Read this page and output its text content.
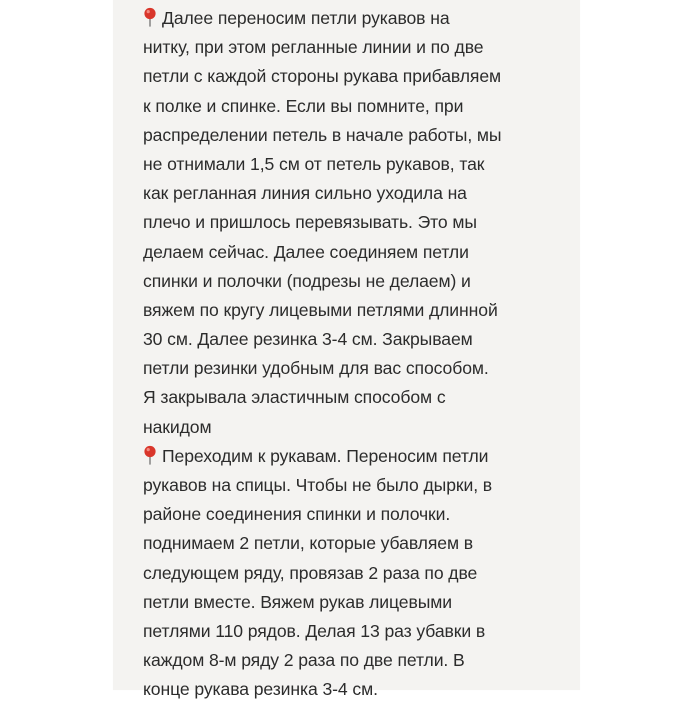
Далее переносим петли рукавов на
нитку, при этом регланные линии и по две
петли с каждой стороны рукава прибавляем
к полке и спинке. Если вы помните, при
распределении петель в начале работы, мы
не отнимали 1,5 см от петель рукавов, так
как регланная линия сильно уходила на
плечо и пришлось перевязывать. Это мы
делаем сейчас. Далее соединяем петли
спинки и полочки (подрезы не делаем) и
вяжем по кругу лицевыми петлями длинной
30 см. Далее резинка 3-4 см. Закрываем
петли резинки удобным для вас способом.
Я закрывала эластичным способом с
накидом
Переходим к рукавам. Переносим петли
рукавов на спицы. Чтобы не было дырки, в
районе соединения спинки и полочки.
поднимаем 2 петли, которые убавляем в
следующем ряду, провязав 2 раза по две
петли вместе. Вяжем рукав лицевыми
петлями 110 рядов. Делая 13 раз убавки в
каждом 8-м ряду 2 раза по две петли. В
конце рукава резинка 3-4 см.
